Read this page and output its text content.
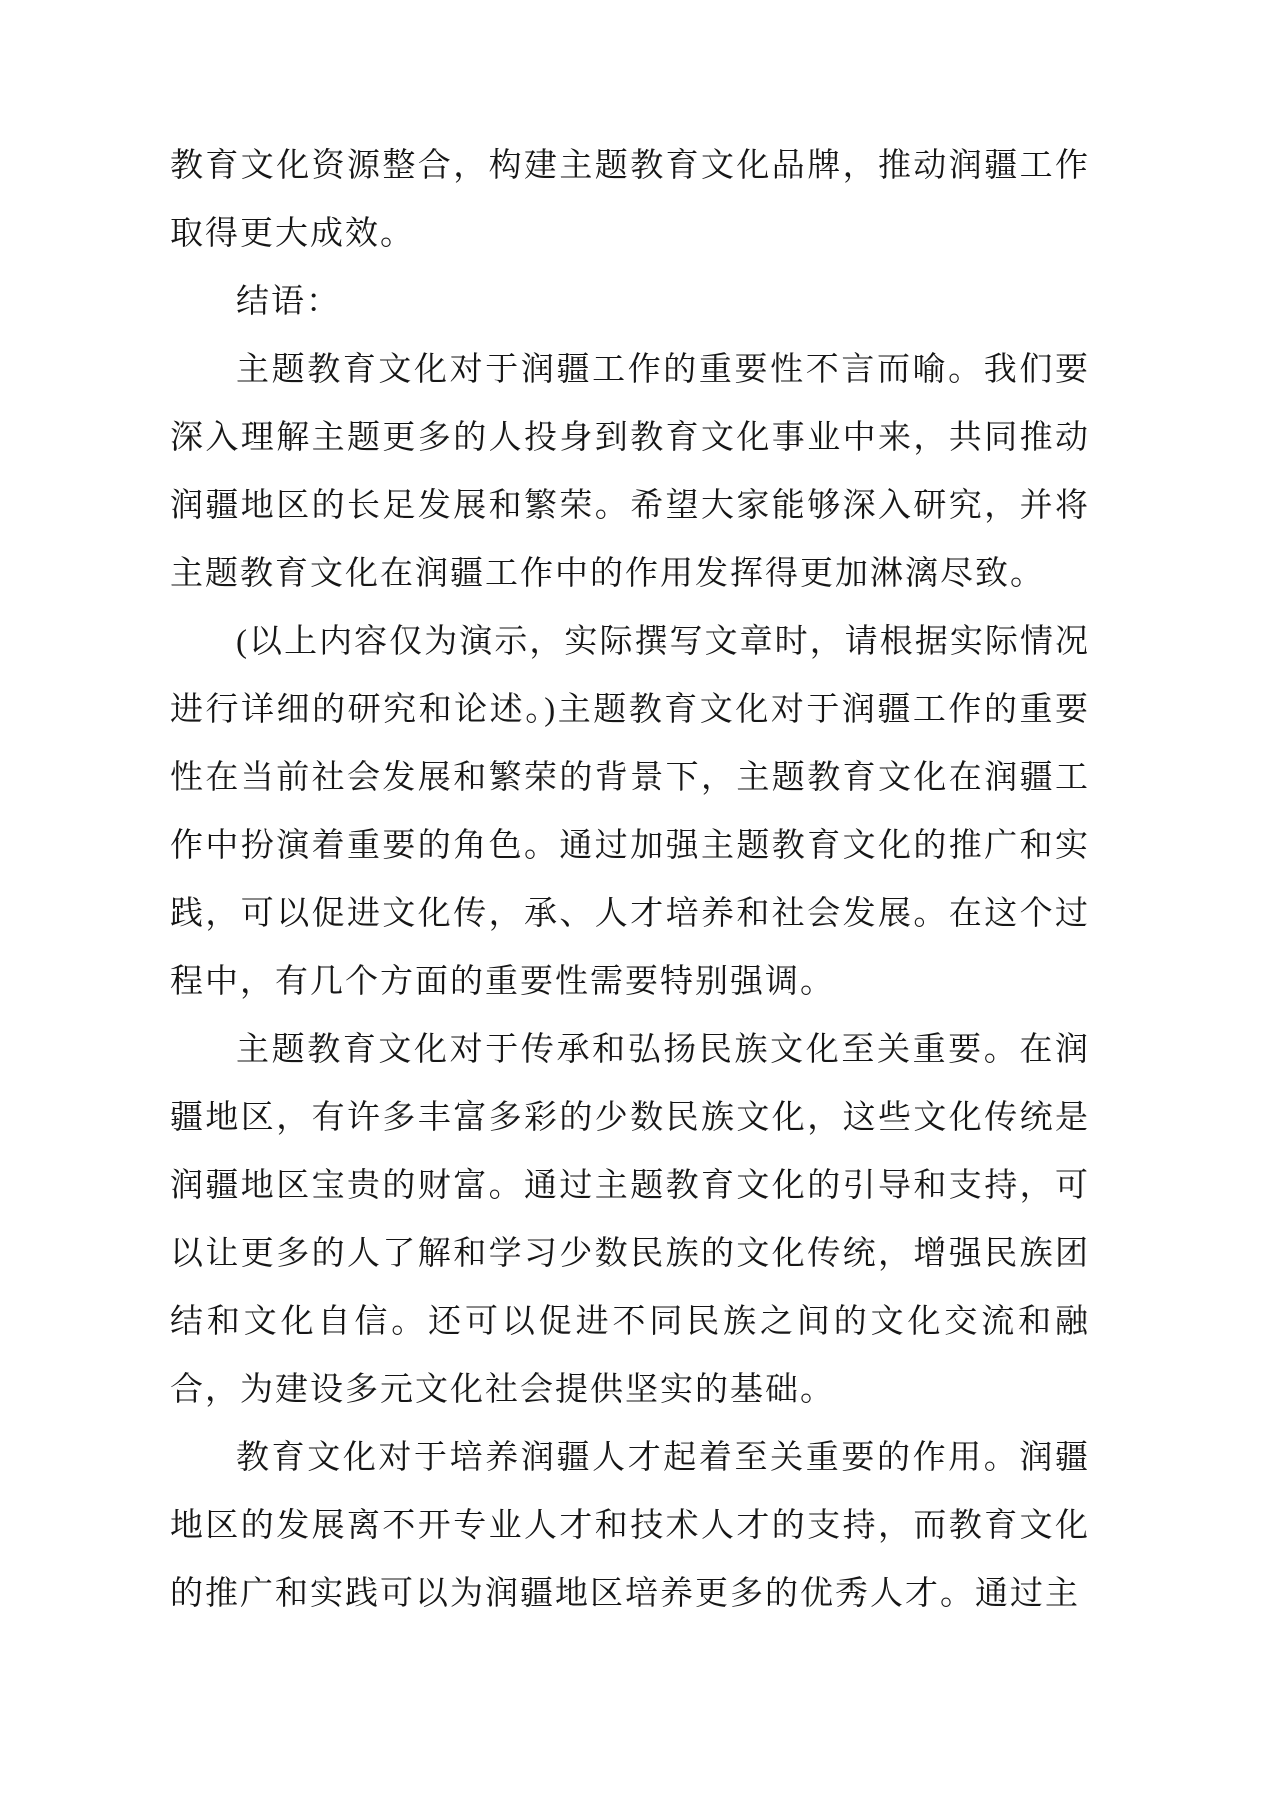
教育文化资源整合，构建主题教育文化品牌，推动润疆工作取得更大成效。

结语：

主题教育文化对于润疆工作的重要性不言而喻。我们要深入理解主题更多的人投身到教育文化事业中来，共同推动润疆地区的长足发展和繁荣。希望大家能够深入研究，并将主题教育文化在润疆工作中的作用发挥得更加淋漓尽致。

(以上内容仅为演示，实际撰写文章时，请根据实际情况进行详细的研究和论述。)主题教育文化对于润疆工作的重要性在当前社会发展和繁荣的背景下，主题教育文化在润疆工作中扮演着重要的角色。通过加强主题教育文化的推广和实践，可以促进文化传，承、人才培养和社会发展。在这个过程中，有几个方面的重要性需要特别强调。

主题教育文化对于传承和弘扬民族文化至关重要。在润疆地区，有许多丰富多彩的少数民族文化，这些文化传统是润疆地区宝贵的财富。通过主题教育文化的引导和支持，可以让更多的人了解和学习少数民族的文化传统，增强民族团结和文化自信。还可以促进不同民族之间的文化交流和融合，为建设多元文化社会提供坚实的基础。

教育文化对于培养润疆人才起着至关重要的作用。润疆地区的发展离不开专业人才和技术人才的支持，而教育文化的推广和实践可以为润疆地区培养更多的优秀人才。通过主
